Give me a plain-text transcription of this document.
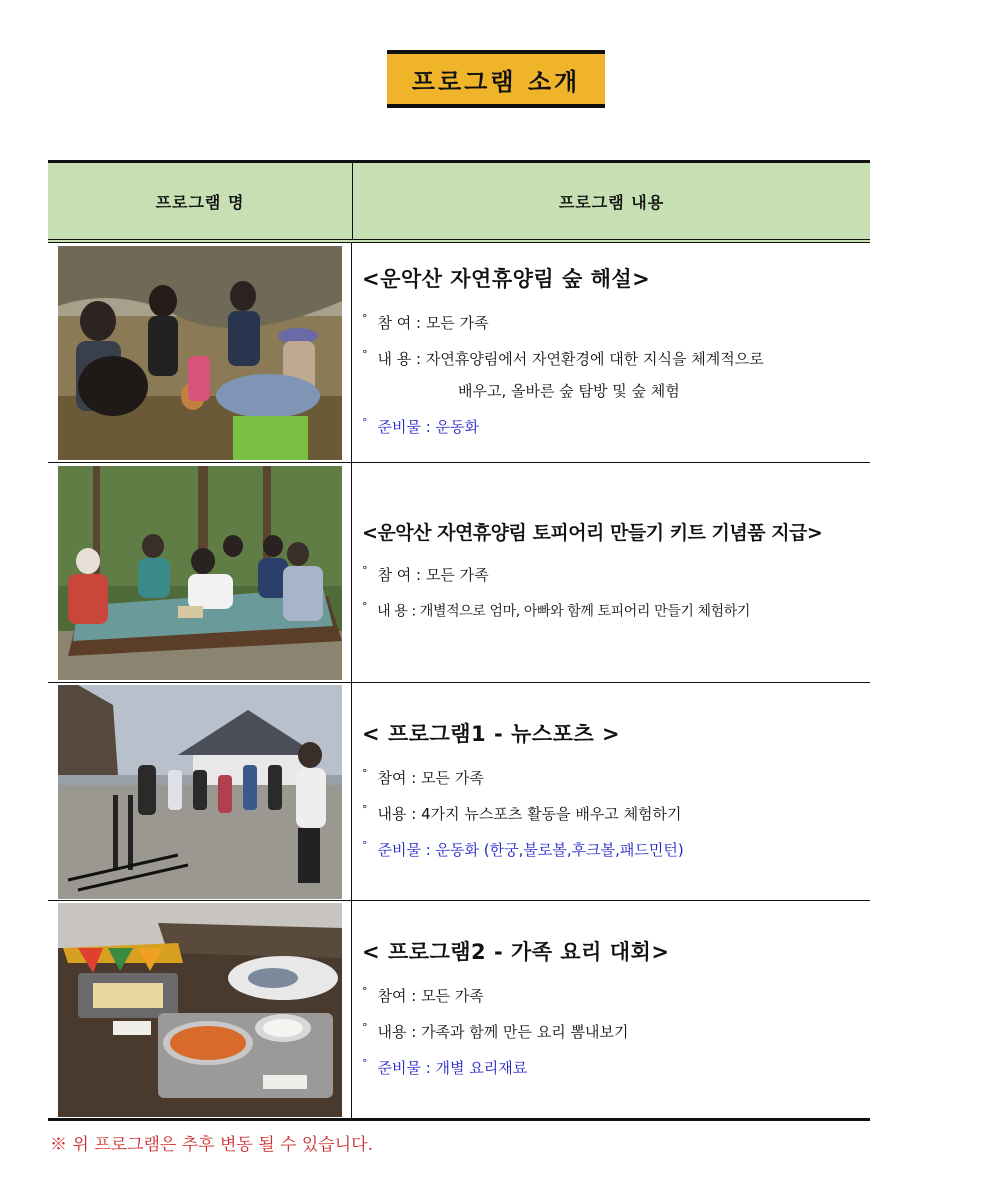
프로그램 소개
프로그램 명	프로그램 내용
<운악산 자연휴양림 숲 해설>
° 참 여 : 모든 가족
° 내 용 : 자연휴양림에서 자연환경에 대한 지식을 체계적으로
배우고, 올바른 숲 탐방 및 숲 체험
° 준비물 : 운동화
<운악산 자연휴양림 토피어리 만들기 키트 기념품 지급>
° 참 여 : 모든 가족
° 내 용 : 개별적으로 엄마, 아빠와 함께 토피어리 만들기 체험하기
< 프로그램1 - 뉴스포츠 >
° 참여 : 모든 가족
° 내용 : 4가지 뉴스포츠 활동을 배우고 체험하기
° 준비물 : 운동화 (한궁,불로볼,후크볼,패드민턴)
< 프로그램2 - 가족 요리 대회>
° 참여 : 모든 가족
° 내용 : 가족과 함께 만든 요리 뽐내보기
° 준비물 : 개별 요리재료
※ 위 프로그램은 추후 변동 될 수 있습니다.
